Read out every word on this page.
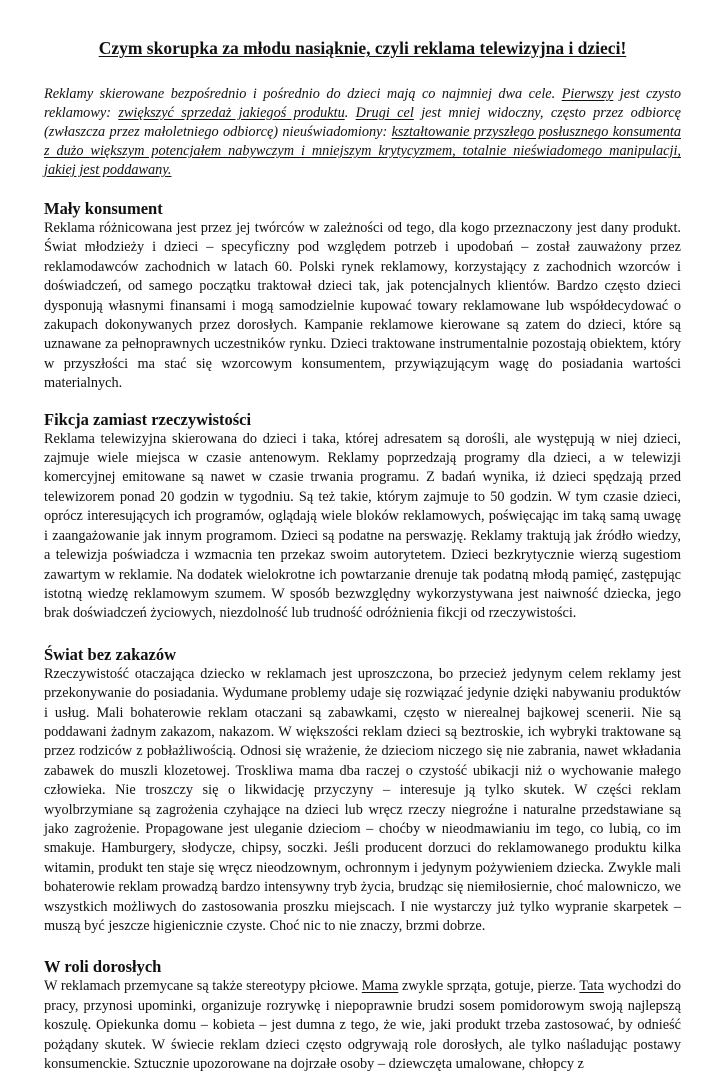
Czym skorupka za młodu nasiąknie, czyli reklama telewizyjna i dzieci!

Reklamy skierowane bezpośrednio i pośrednio do dzieci mają co najmniej dwa cele. Pierwszy jest czysto reklamowy: zwiększyć sprzedaż jakiegoś produktu. Drugi cel jest mniej widoczny, często przez odbiorcę (zwłaszcza przez małoletniego odbiorcę) nieuświadomiony: kształtowanie przyszłego posłusznego konsumenta z dużo większym potencjałem nabywczym i mniejszym krytycyzmem, totalnie nieświadomego manipulacji, jakiej jest poddawany.

Mały konsument

Reklama różnicowana jest przez jej twórców w zależności od tego, dla kogo przeznaczony jest dany produkt. Świat młodzieży i dzieci – specyficzny pod względem potrzeb i upodobań – został zauważony przez reklamodawców zachodnich w latach 60. Polski rynek reklamowy, korzystający z zachodnich wzorców i doświadczeń, od samego początku traktował dzieci tak, jak potencjalnych klientów. Bardzo często dzieci dysponują własnymi finansami i mogą samodzielnie kupować towary reklamowane lub współdecydować o zakupach dokonywanych przez dorosłych. Kampanie reklamowe kierowane są zatem do dzieci, które są uznawane za pełnoprawnych uczestników rynku. Dzieci traktowane instrumentalnie pozostają obiektem, który w przyszłości ma stać się wzorcowym konsumentem, przywiązującym wagę do posiadania wartości materialnych.

Fikcja zamiast rzeczywistości

Reklama telewizyjna skierowana do dzieci i taka, której adresatem są dorośli, ale występują w niej dzieci, zajmuje wiele miejsca w czasie antenowym. Reklamy poprzedzają programy dla dzieci, a w telewizji komercyjnej emitowane są nawet w czasie trwania programu. Z badań wynika, iż dzieci spędzają przed telewizorem ponad 20 godzin w tygodniu. Są też takie, którym zajmuje to 50 godzin. W tym czasie dzieci, oprócz interesujących ich programów, oglądają wiele bloków reklamowych, poświęcając im taką samą uwagę i zaangażowanie jak innym programom. Dzieci są podatne na perswazję. Reklamy traktują jak źródło wiedzy, a telewizja poświadcza i wzmacnia ten przekaz swoim autorytetem. Dzieci bezkrytycznie wierzą sugestiom zawartym w reklamie. Na dodatek wielokrotne ich powtarzanie drenuje tak podatną młodą pamięć, zastępując istotną wiedzę reklamowym szumem. W sposób bezwzględny wykorzystywana jest naiwność dziecka, jego brak doświadczeń życiowych, niezdolność lub trudność odróżnienia fikcji od rzeczywistości.

Świat bez zakazów

Rzeczywistość otaczająca dziecko w reklamach jest uproszczona, bo przecież jedynym celem reklamy jest przekonywanie do posiadania. Wydumane problemy udaje się rozwiązać jedynie dzięki nabywaniu produktów i usług. Mali bohaterowie reklam otaczani są zabawkami, często w nierealnej bajkowej scenerii. Nie są poddawani żadnym zakazom, nakazom. W większości reklam dzieci są beztroskie, ich wybryki traktowane są przez rodziców z pobłażliwością. Odnosi się wrażenie, że dzieciom niczego się nie zabrania, nawet wkładania zabawek do muszli klozetowej. Troskliwa mama dba raczej o czystość ubikacji niż o wychowanie małego człowieka. Nie troszczy się o likwidację przyczyny – interesuje ją tylko skutek. W części reklam wyolbrzymiane są zagrożenia czyhające na dzieci lub wręcz rzeczy niegroźne i naturalne przedstawiane są jako zagrożenie. Propagowane jest uleganie dzieciom – choćby w nieodmawianiu im tego, co lubią, co im smakuje. Hamburgery, słodycze, chipsy, soczki. Jeśli producent dorzuci do reklamowanego produktu kilka witamin, produkt ten staje się wręcz nieodzownym, ochronnym i jedynym pożywieniem dziecka. Zwykle mali bohaterowie reklam prowadzą bardzo intensywny tryb życia, brudząc się niemiłosiernie, choć malowniczo, we wszystkich możliwych do zastosowania proszku miejscach. I nie wystarczy już tylko wypranie skarpetek – muszą być jeszcze higienicznie czyste. Choć nic to nie znaczy, brzmi dobrze.

W roli dorosłych

W reklamach przemycane są także stereotypy płciowe. Mama zwykle sprząta, gotuje, pierze. Tata wychodzi do pracy, przynosi upominki, organizuje rozrywkę i niepoprawnie brudzi sosem pomidorowym swoją najlepszą koszulę. Opiekunka domu – kobieta – jest dumna z tego, że wie, jaki produkt trzeba zastosować, by odnieść pożądany skutek. W świecie reklam dzieci często odgrywają role dorosłych, ale tylko naśladując postawy konsumenckie. Sztucznie upozorowane na dojrzałe osoby – dziewczęta umalowane, chłopcy z
